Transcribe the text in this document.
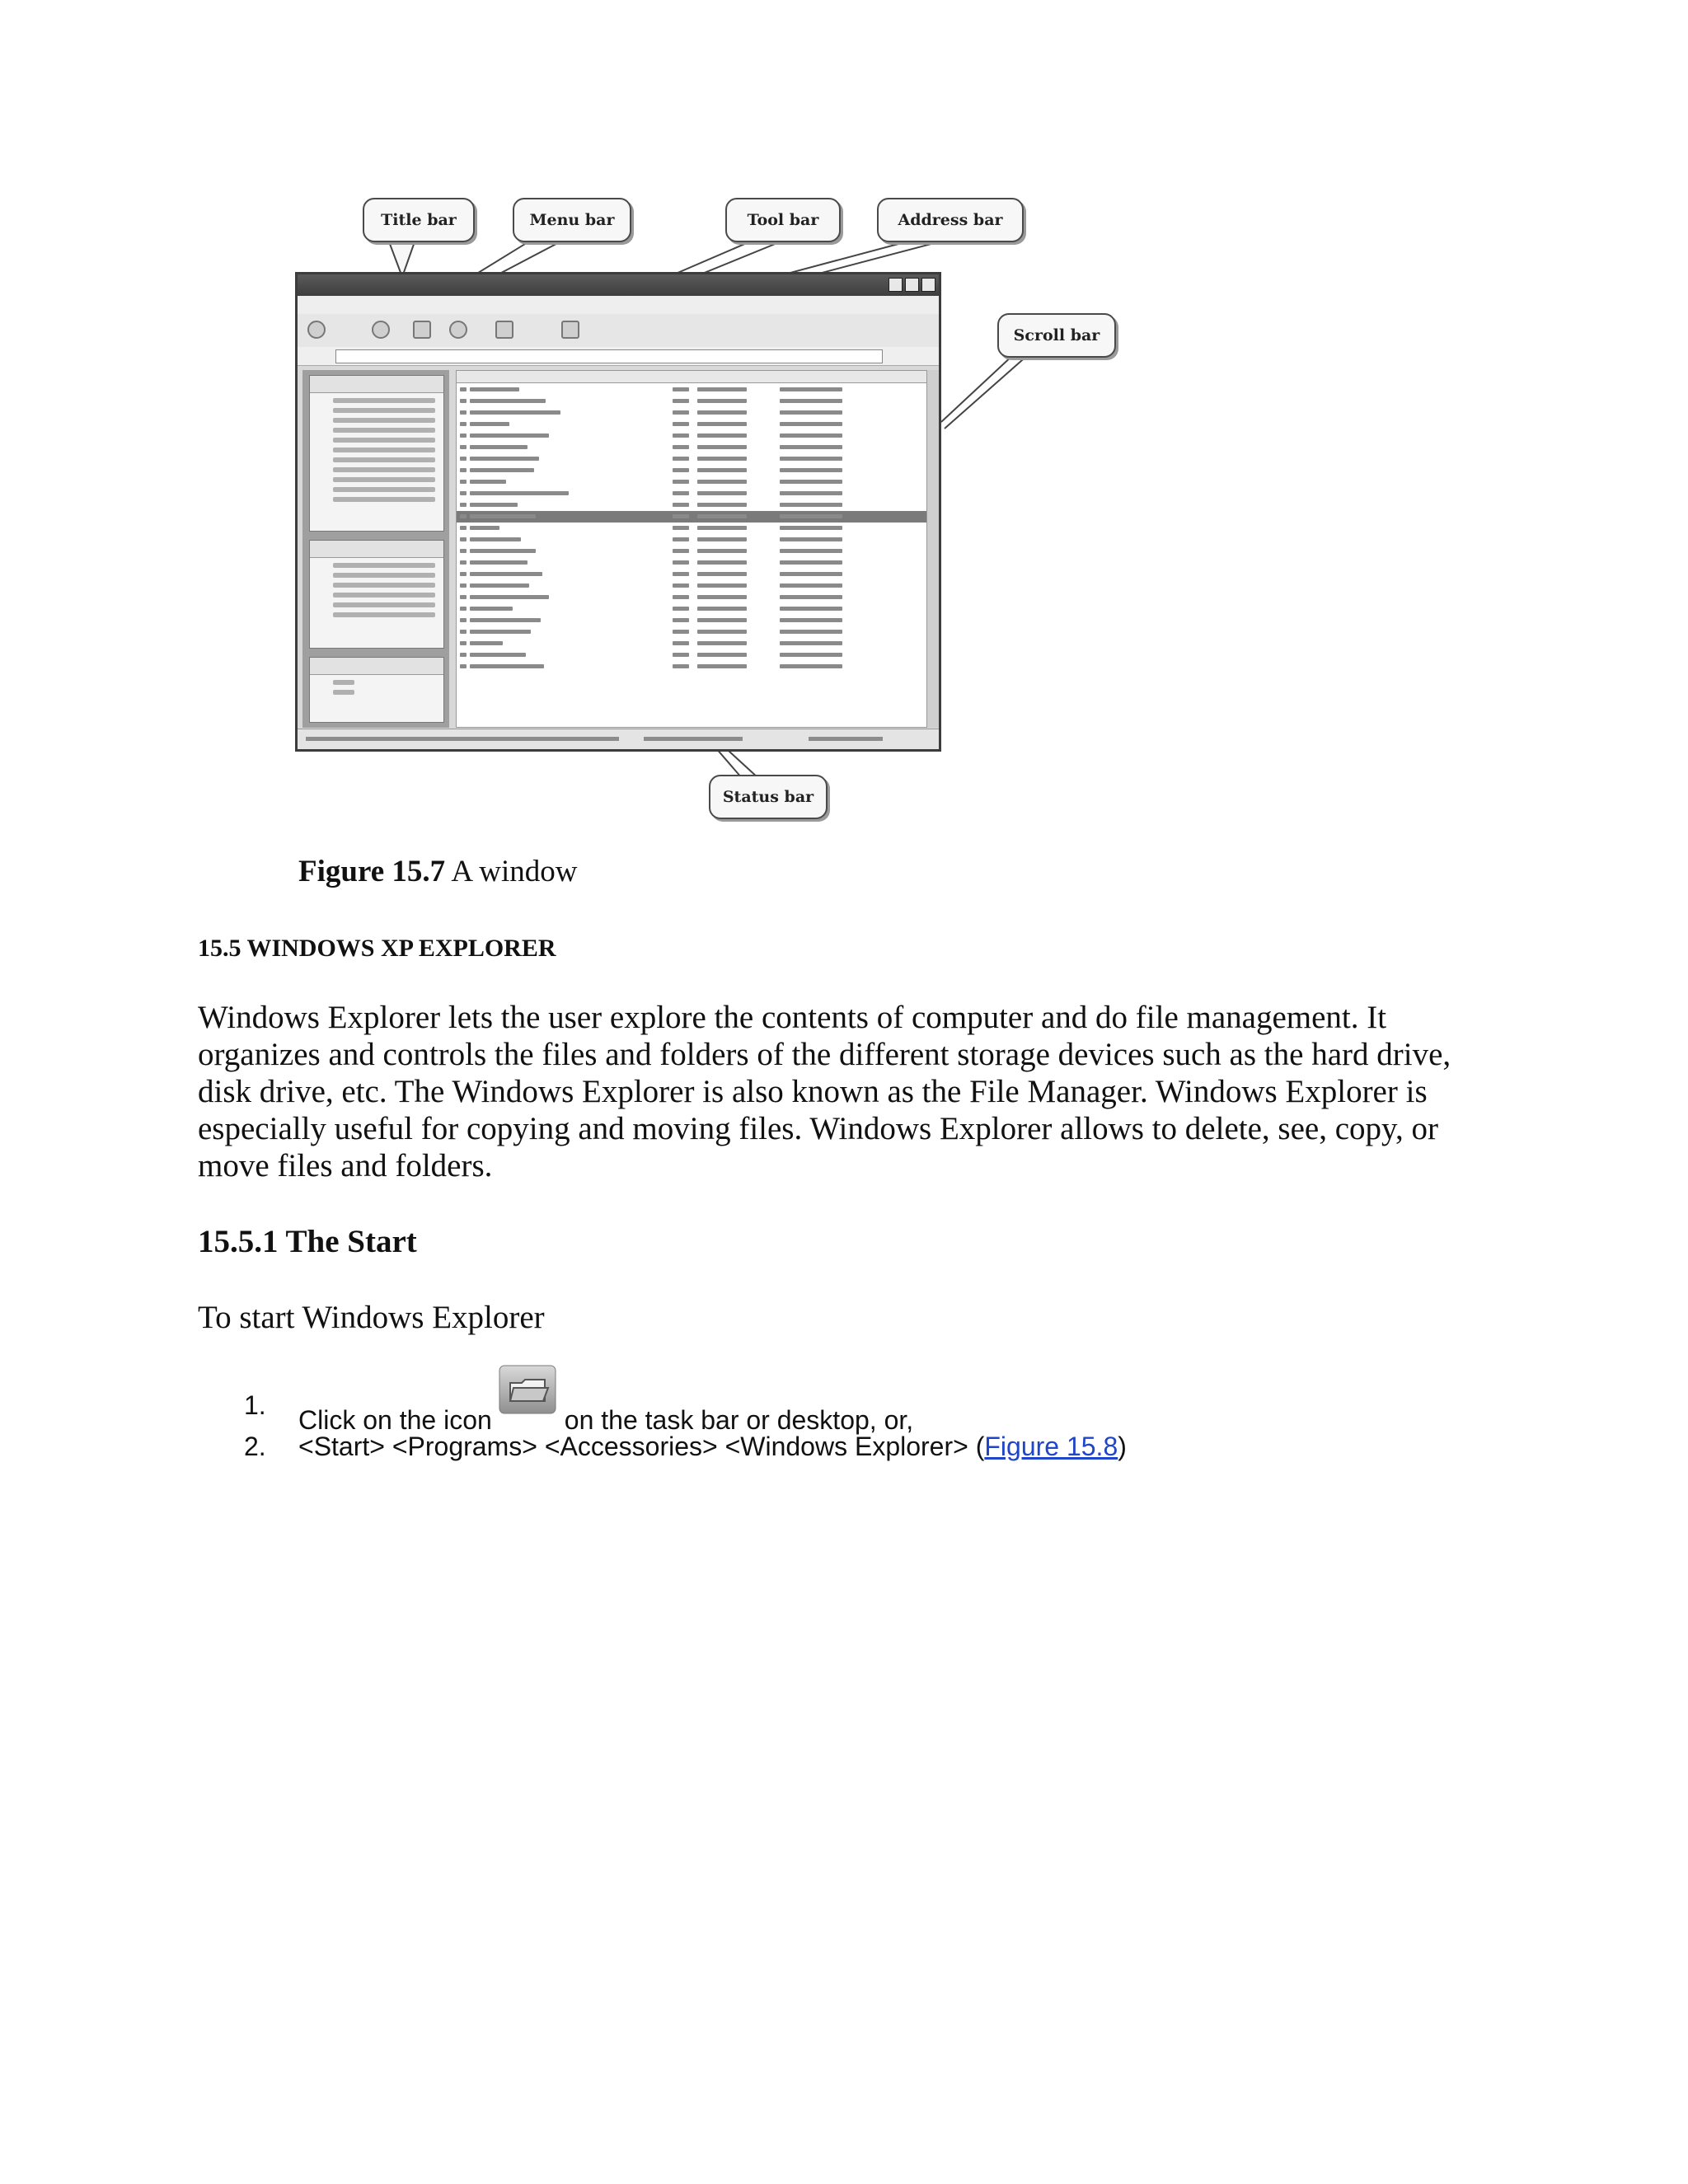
Title bar	Menu bar	Tool bar	Address bar
Scroll bar
Status bar
Figure 15.7 A window
15.5 WINDOWS XP EXPLORER

Windows Explorer lets the user explore the contents of computer and do file management. It organizes and controls the files and folders of the different storage devices such as the hard drive, disk drive, etc. The Windows Explorer is also known as the File Manager. Windows Explorer is especially useful for copying and moving files. Windows Explorer allows to delete, see, copy, or move files and folders.

15.5.1 The Start
To start Windows Explorer
1. Click on the icon	on the task bar or desktop, or,
2. <Start> <Programs> <Accessories> <Windows Explorer> (Figure 15.8)
